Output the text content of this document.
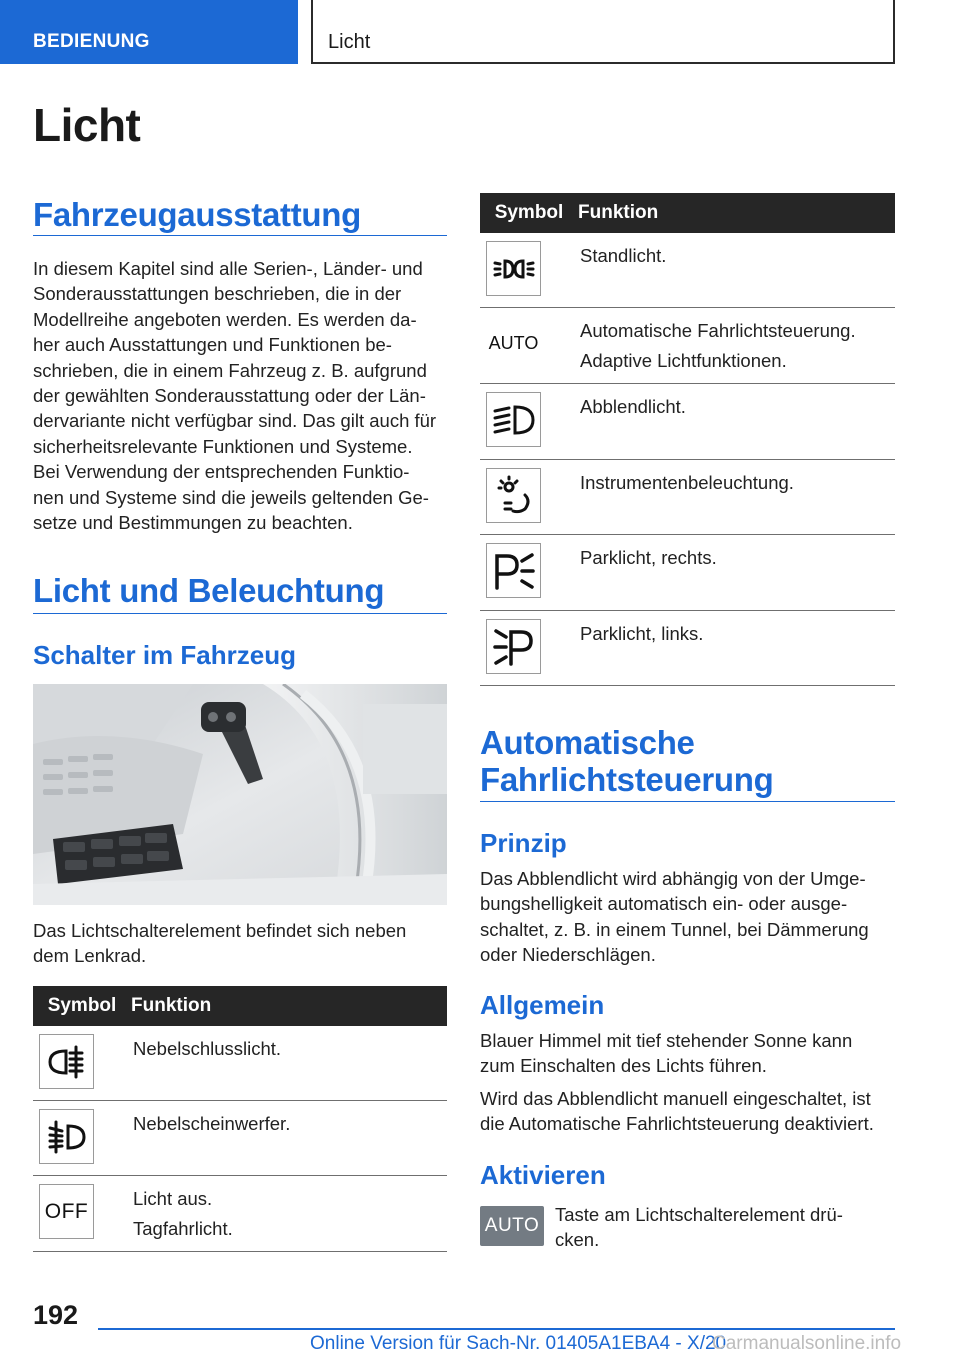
BEDIENUNG	Licht
Licht
Fahrzeugausstattung
In diesem Kapitel sind alle Serien-, Länder- und
Sonderausstattungen beschrieben, die in der
Modellreihe angeboten werden. Es werden da-
her auch Ausstattungen und Funktionen be-
schrieben, die in einem Fahrzeug z. B. aufgrund
der gewählten Sonderausstattung oder der Län-
dervariante nicht verfügbar sind. Das gilt auch für
sicherheitsrelevante Funktionen und Systeme.
Bei Verwendung der entsprechenden Funktio-
nen und Systeme sind die jeweils geltenden Ge-
setze und Bestimmungen zu beachten.
Licht und Beleuchtung
Schalter im Fahrzeug
Das Lichtschalterelement befindet sich neben
dem Lenkrad.
Symbol Funktion
Nebelschlusslicht.
Nebelscheinwerfer.
OFF
Licht aus.
Tagfahrlicht.
Symbol Funktion
Standlicht.
AUTO
Automatische Fahrlichtsteuerung.
Adaptive Lichtfunktionen.
Abblendlicht.
Instrumentenbeleuchtung.
Parklicht, rechts.
Parklicht, links.
Automatische
Fahrlichtsteuerung
Prinzip
Das Abblendlicht wird abhängig von der Umge-
bungshelligkeit automatisch ein- oder ausge-
schaltet, z. B. in einem Tunnel, bei Dämmerung
oder Niederschlägen.
Allgemein
Blauer Himmel mit tief stehender Sonne kann
zum Einschalten des Lichts führen.
Wird das Abblendlicht manuell eingeschaltet, ist
die Automatische Fahrlichtsteuerung deaktiviert.
Aktivieren
AUTO
Taste am Lichtschalterelement drü-
cken.
192
Online Version für Sach-Nr. 01405A1EBA4 - X/20
Carmanualsonline.info
